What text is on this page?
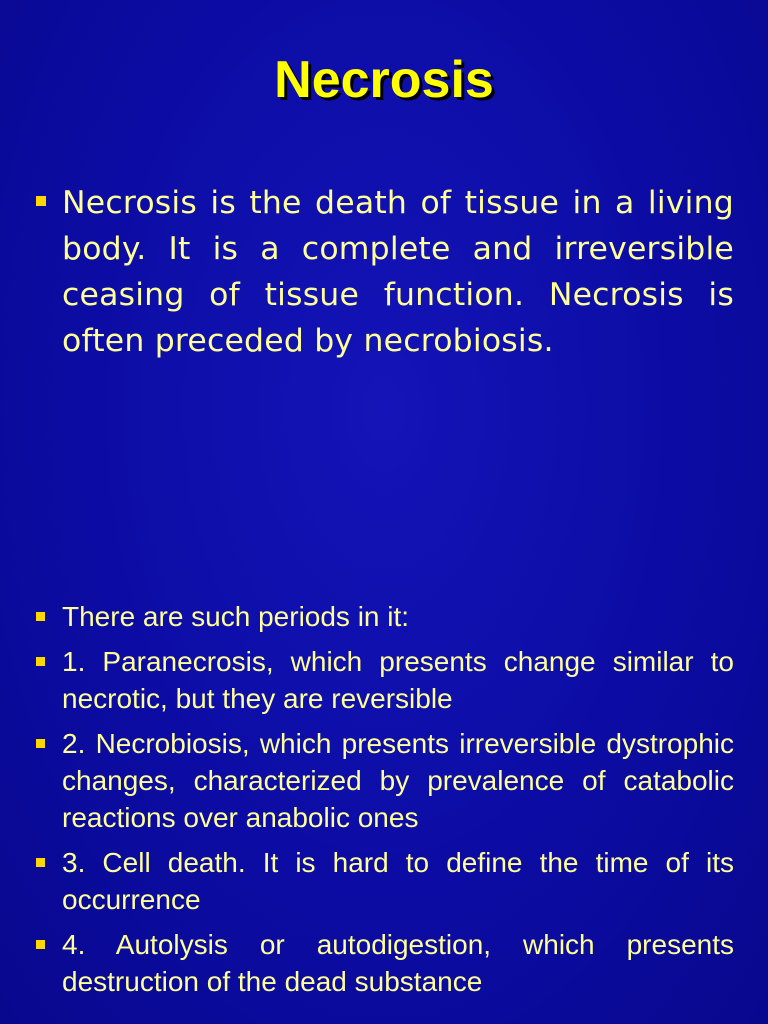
Necrosis
Necrosis is the death of tissue in a living body. It is a complete and irreversible ceasing of tissue function. Necrosis is often preceded by necrobiosis.
There are such periods in it:
1. Paranecrosis, which presents change similar to necrotic, but they are reversible
2. Necrobiosis, which presents irreversible dystrophic changes, characterized by prevalence of catabolic reactions over anabolic ones
3. Cell death. It is hard to define the time of its occurrence
4. Autolysis or autodigestion, which presents destruction of the dead substance
